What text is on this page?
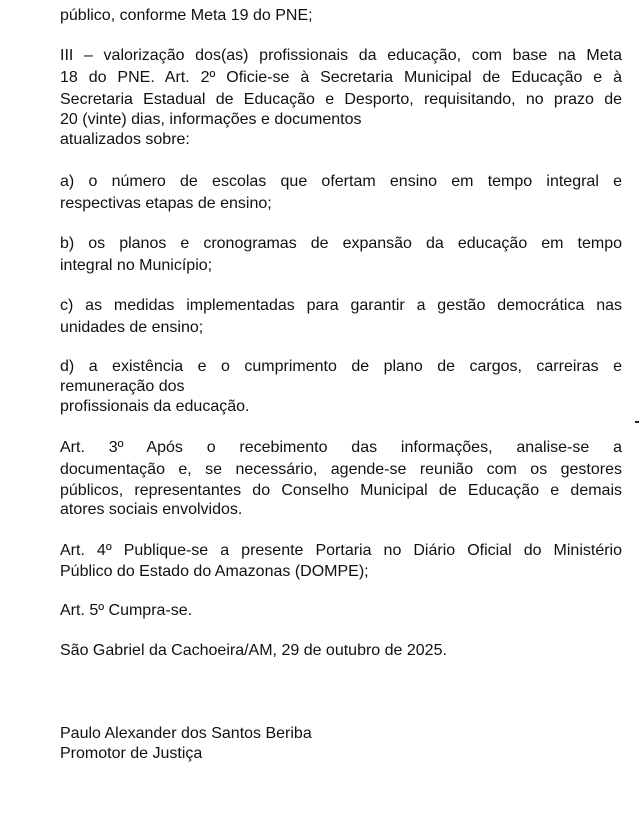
público, conforme Meta 19 do PNE;
III – valorização dos(as) profissionais da educação, com base na Meta
18 do PNE. Art. 2º Oficie-se à Secretaria Municipal de Educação e à
Secretaria Estadual de Educação e Desporto, requisitando, no prazo de
20 (vinte) dias, informações e documentos
atualizados sobre:
a) o número de escolas que ofertam ensino em tempo integral e
respectivas etapas de ensino;
b) os planos e cronogramas de expansão da educação em tempo
integral no Município;
c) as medidas implementadas para garantir a gestão democrática nas
unidades de ensino;
d) a existência e o cumprimento de plano de cargos, carreiras e
remuneração dos
profissionais da educação.
Art. 3º Após o recebimento das informações, analise-se a
documentação e, se necessário, agende-se reunião com os gestores
públicos, representantes do Conselho Municipal de Educação e demais
atores sociais envolvidos.
Art. 4º Publique-se a presente Portaria no Diário Oficial do Ministério
Público do Estado do Amazonas (DOMPE);
Art. 5º Cumpra-se.
São Gabriel da Cachoeira/AM, 29 de outubro de 2025.
Paulo Alexander dos Santos Beriba
Promotor de Justiça
